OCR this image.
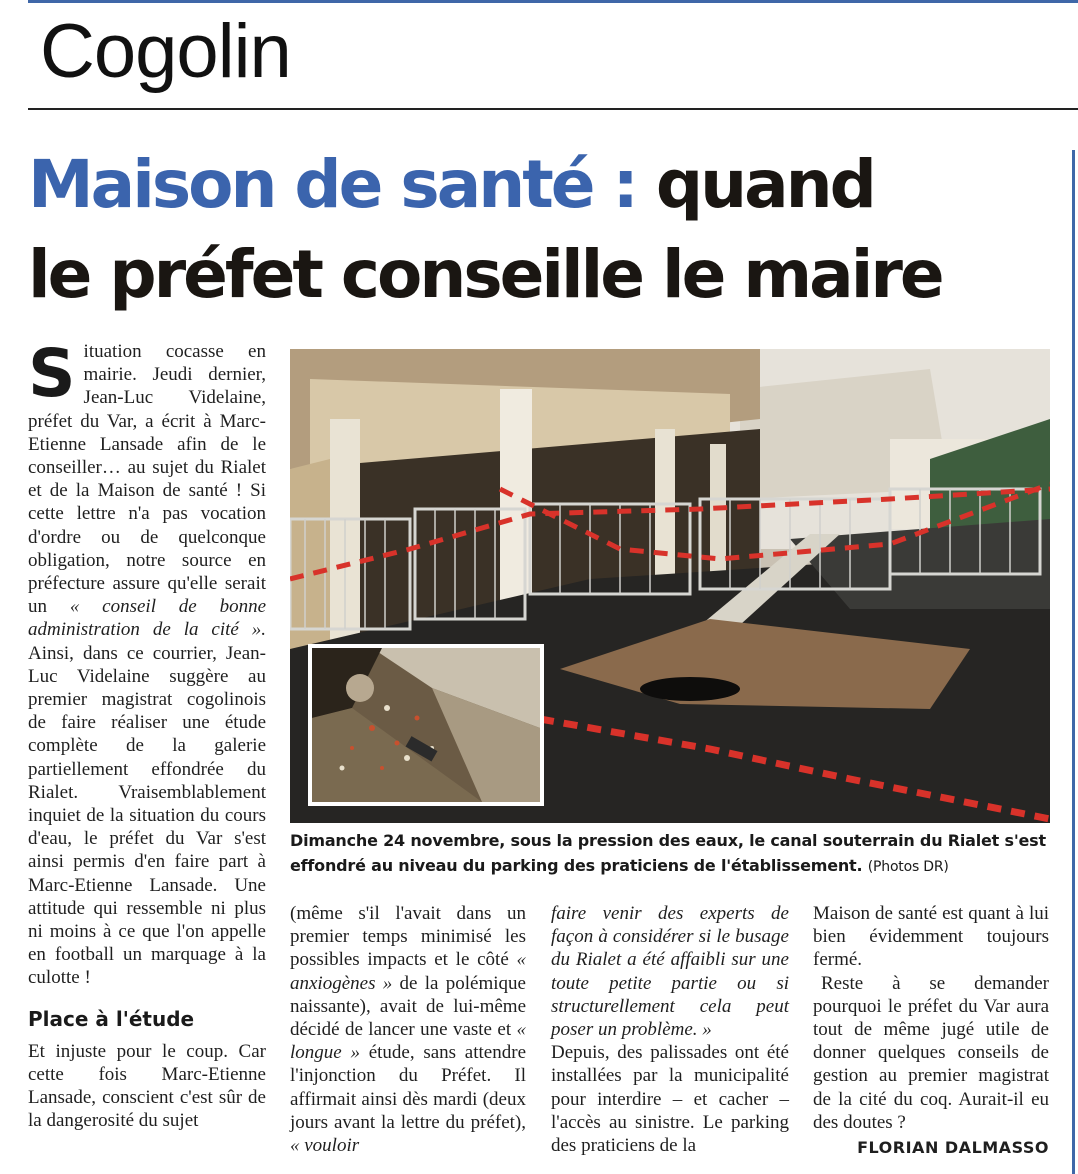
Cogolin
Maison de santé : quand
le préfet conseille le maire

Situation cocasse en mairie. Jeudi dernier, Jean-Luc Videlaine, préfet du Var, a écrit à Marc-Etienne Lansade afin de le conseiller… au sujet du Rialet et de la Maison de santé ! Si cette lettre n'a pas vocation d'ordre ou de quelconque obligation, notre source en préfecture assure qu'elle serait un « conseil de bonne administration de la cité ». Ainsi, dans ce courrier, Jean-Luc Videlaine suggère au premier magistrat cogolinois de faire réaliser une étude complète de la galerie partiellement effondrée du Rialet. Vraisemblablement inquiet de la situation du cours d'eau, le préfet du Var s'est ainsi permis d'en faire part à Marc-Etienne Lansade. Une attitude qui ressemble ni plus ni moins à ce que l'on appelle en football un marquage à la culotte !

Place à l'étude

Et injuste pour le coup. Car cette fois Marc-Etienne Lansade, conscient c'est sûr de la dangerosité du sujet

Dimanche 24 novembre, sous la pression des eaux, le canal souterrain du Rialet s'est effondré au niveau du parking des praticiens de l'établissement. (Photos DR)

(même s'il l'avait dans un premier temps minimisé les possibles impacts et le côté « anxiogènes » de la polémique naissante), avait de lui-même décidé de lancer une vaste et « longue » étude, sans attendre l'injonction du Préfet. Il affirmait ainsi dès mardi (deux jours avant la lettre du préfet), « vouloir

faire venir des experts de façon à considérer si le busage du Rialet a été affaibli sur une toute petite partie ou si structurellement cela peut poser un problème. »

Depuis, des palissades ont été installées par la municipalité pour interdire – et cacher – l'accès au sinistre. Le parking des praticiens de la

Maison de santé est quant à lui bien évidemment toujours fermé.

Reste à se demander pourquoi le préfet du Var aura tout de même jugé utile de donner quelques conseils de gestion au premier magistrat de la cité du coq. Aurait-il eu des doutes ?

FLORIAN DALMASSO
